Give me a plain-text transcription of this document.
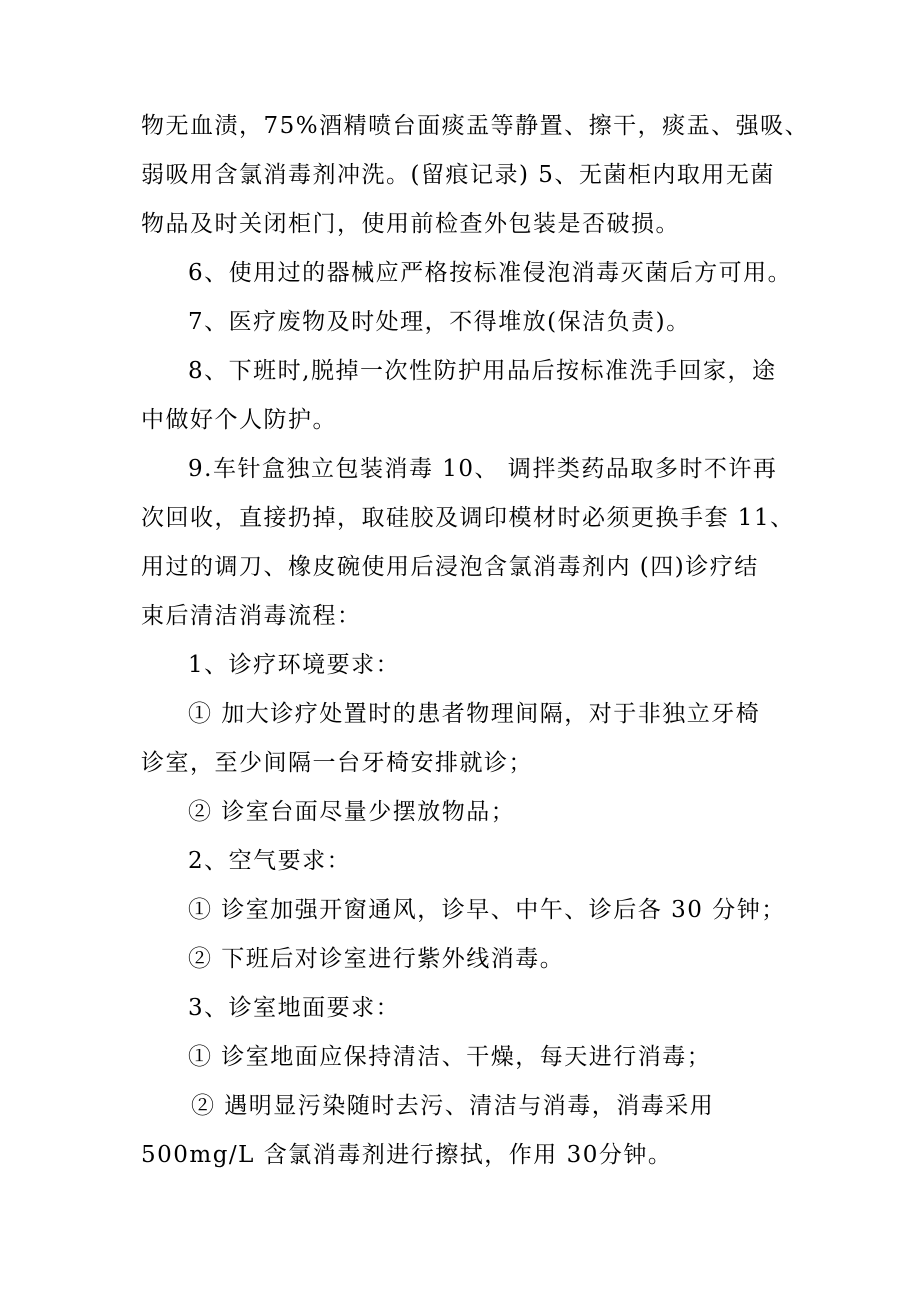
物无血渍，75%酒精喷台面痰盂等静置、擦干，痰盂、强吸、
弱吸用含氯消毒剂冲洗。(留痕记录) 5、无菌柜内取用无菌
物品及时关闭柜门，使用前检查外包装是否破损。
6、使用过的器械应严格按标准侵泡消毒灭菌后方可用。
7、医疗废物及时处理，不得堆放(保洁负责)。
8、下班时,脱掉一次性防护用品后按标准洗手回家，途
中做好个人防护。
9.车针盒独立包装消毒 10、 调拌类药品取多时不许再
次回收，直接扔掉，取硅胶及调印模材时必须更换手套 11、
用过的调刀、橡皮碗使用后浸泡含氯消毒剂内 (四)诊疗结
束后清洁消毒流程：
1、诊疗环境要求：
① 加大诊疗处置时的患者物理间隔，对于非独立牙椅
诊室，至少间隔一台牙椅安排就诊；
② 诊室台面尽量少摆放物品；
2、空气要求：
① 诊室加强开窗通风，诊早、中午、诊后各 30 分钟；
② 下班后对诊室进行紫外线消毒。
3、诊室地面要求：
① 诊室地面应保持清洁、干燥，每天进行消毒；
② 遇明显污染随时去污、清洁与消毒，消毒采用
500mg/L 含氯消毒剂进行擦拭，作用 30分钟。
